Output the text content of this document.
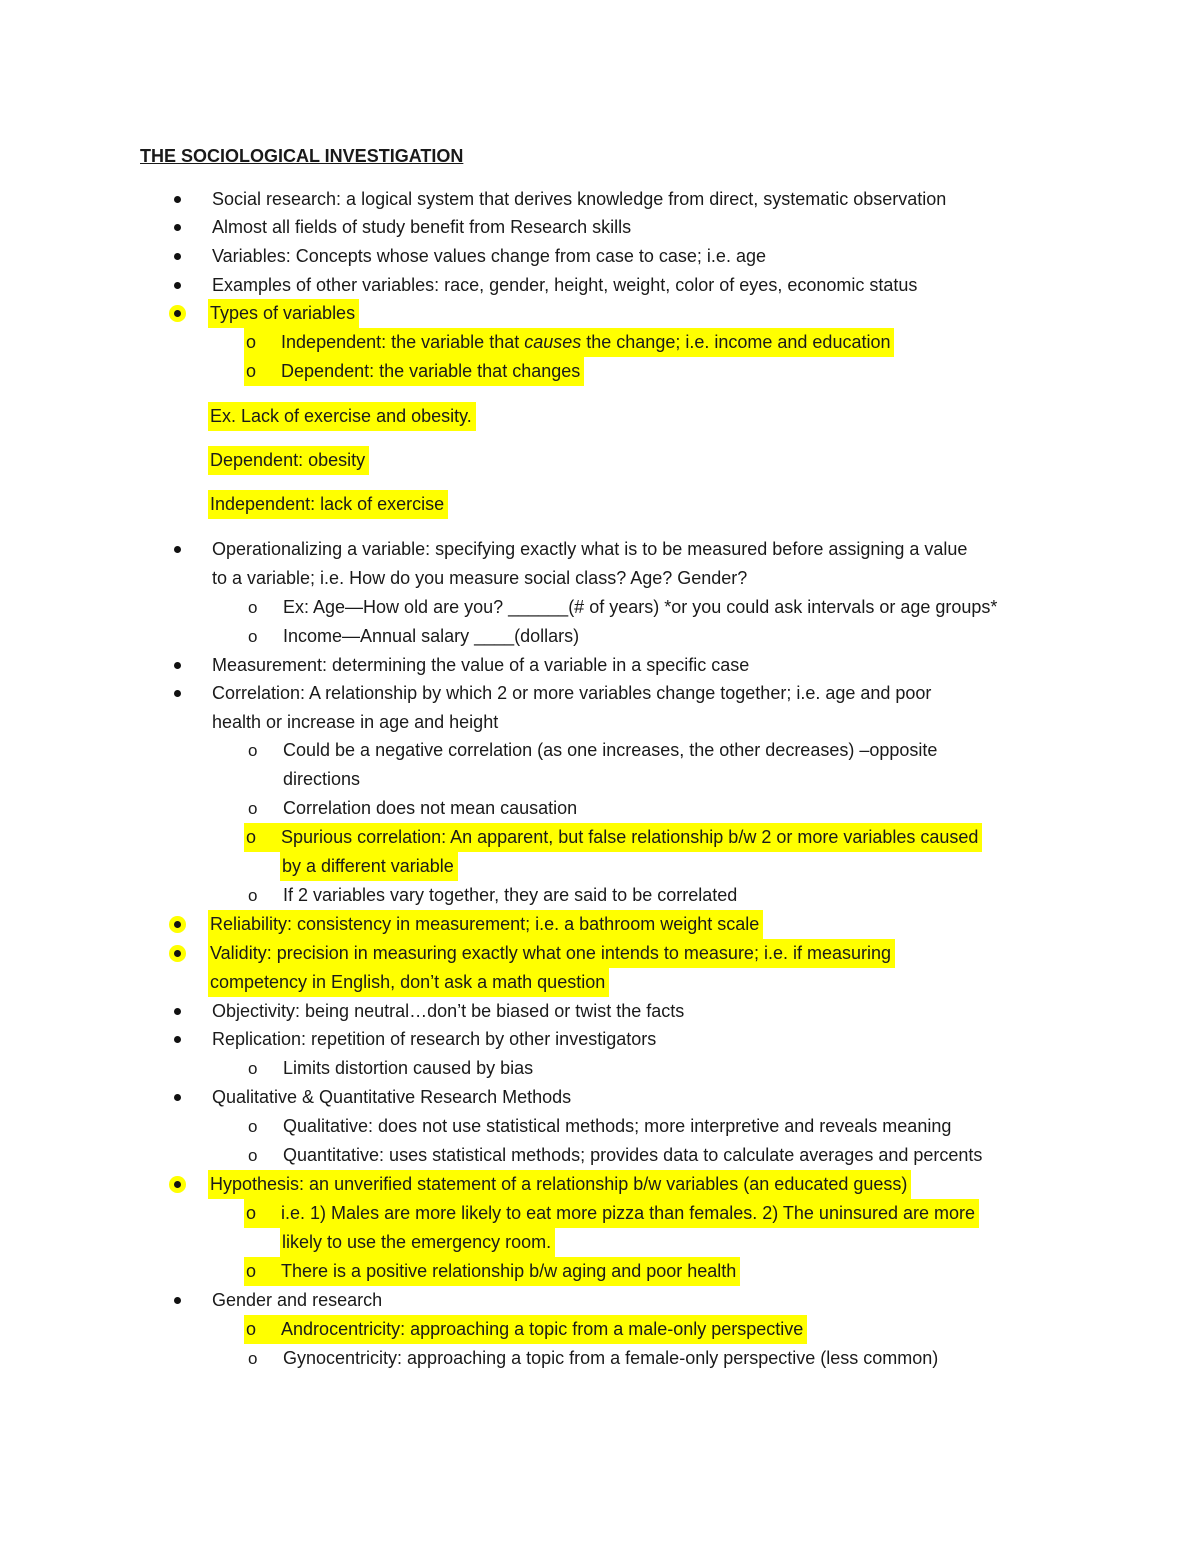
THE SOCIOLOGICAL INVESTIGATION
Social research: a logical system that derives knowledge from direct, systematic observation
Almost all fields of study benefit from Research skills
Variables: Concepts whose values change from case to case; i.e. age
Examples of other variables: race, gender, height, weight, color of eyes, economic status
Types of variables
o Independent: the variable that causes the change; i.e. income and education
o Dependent: the variable that changes
Ex. Lack of exercise and obesity.
Dependent: obesity
Independent: lack of exercise
Operationalizing a variable: specifying exactly what is to be measured before assigning a value
to a variable; i.e. How do you measure social class? Age? Gender?
o Ex: Age—How old are you? ______(# of years) *or you could ask intervals or age groups*
o Income—Annual salary ____(dollars)
Measurement: determining the value of a variable in a specific case
Correlation: A relationship by which 2 or more variables change together; i.e. age and poor
health or increase in age and height
o Could be a negative correlation (as one increases, the other decreases) –opposite
directions
o Correlation does not mean causation
o Spurious correlation: An apparent, but false relationship b/w 2 or more variables caused
by a different variable
o If 2 variables vary together, they are said to be correlated
Reliability: consistency in measurement; i.e. a bathroom weight scale
Validity: precision in measuring exactly what one intends to measure; i.e. if measuring
competency in English, don’t ask a math question
Objectivity: being neutral…don’t be biased or twist the facts
Replication: repetition of research by other investigators
o Limits distortion caused by bias
Qualitative & Quantitative Research Methods
o Qualitative: does not use statistical methods; more interpretive and reveals meaning
o Quantitative: uses statistical methods; provides data to calculate averages and percents
Hypothesis: an unverified statement of a relationship b/w variables (an educated guess)
o i.e. 1) Males are more likely to eat more pizza than females. 2) The uninsured are more
likely to use the emergency room.
o There is a positive relationship b/w aging and poor health
Gender and research
o Androcentricity: approaching a topic from a male-only perspective
o Gynocentricity: approaching a topic from a female-only perspective (less common)
